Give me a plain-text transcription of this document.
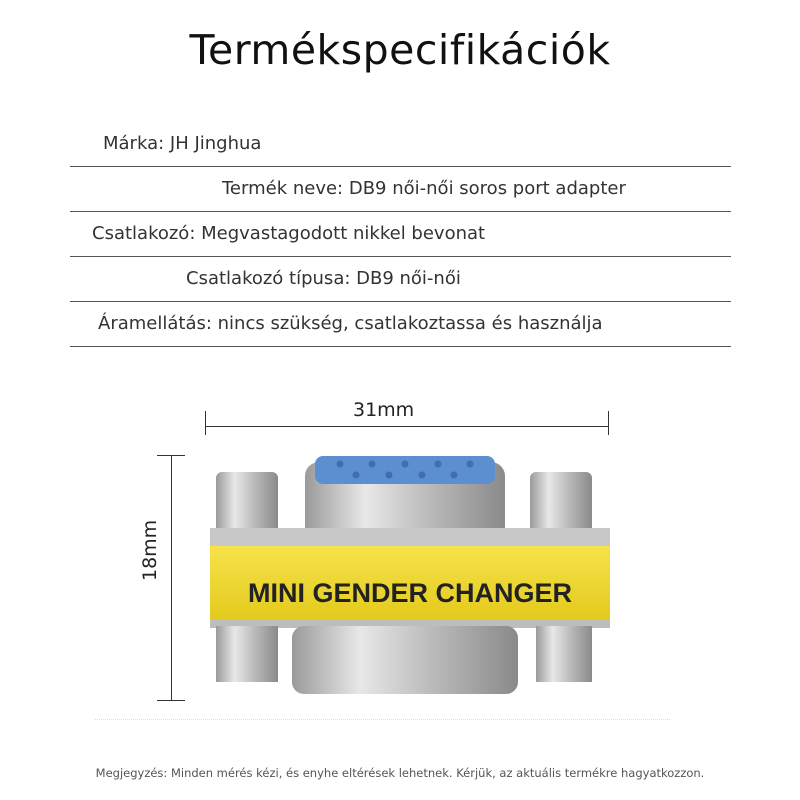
Termékspecifikációk
Márka: JH Jinghua
Termék neve: DB9 női-női soros port adapter
Csatlakozó: Megvastagodott nikkel bevonat
Csatlakozó típusa: DB9 női-női
Áramellátás: nincs szükség, csatlakoztassa és használja
31mm
18mm
MINI GENDER CHANGER
Megjegyzés: Minden mérés kézi, és enyhe eltérések lehetnek. Kérjük, az aktuális termékre hagyatkozzon.
